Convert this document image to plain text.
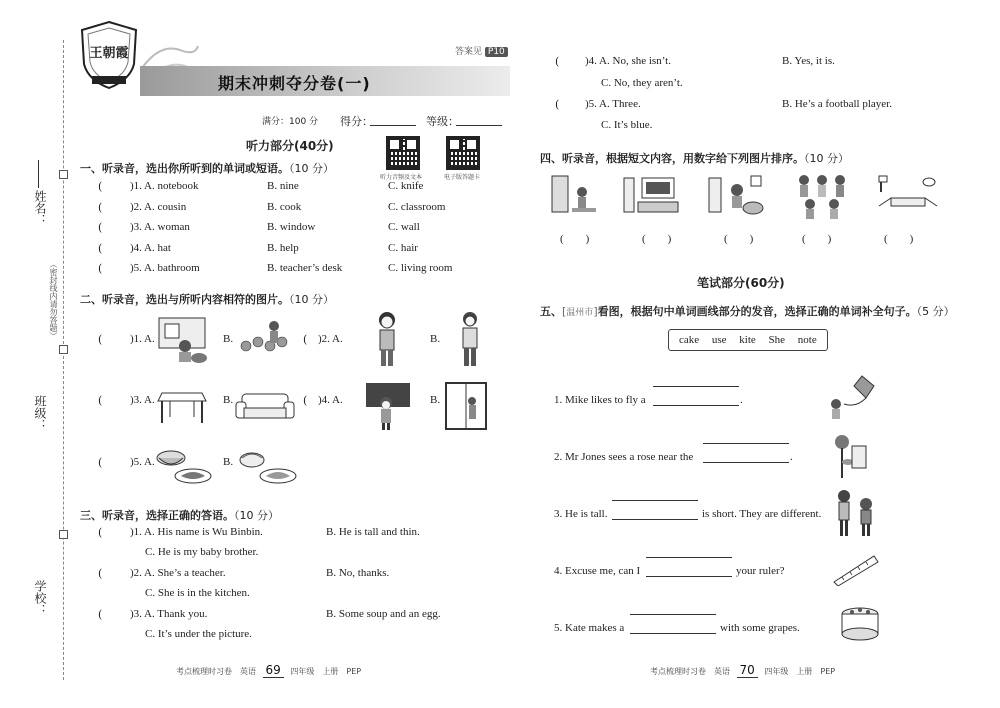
姓名：
（密封线内请勿答题）
班级：
学校：
王朝霞	答案见 P10
期末冲刺夺分卷(一)
满分：100 分 得分：	等级：
听力部分(40分)
听力音频及文本	电子版答题卡
一、听录音，选出你所听到的单词或短语。（10 分）
(	)1. A. notebook	B. nine	C. knife
(	)2. A. cousin	B. cook	C. classroom
(	)3. A. woman	B. window	C. wall
(	)4. A. hat	B. help	C. hair
(	)5. A. bathroom	B. teacher’s desk	C. living room
二、听录音，选出与所听内容相符的图片。（10 分）
(	)1. A.	B.	( )2. A.	B.
(	)3. A.	B.	( )4. A.	B.
(	)5. A.	B.
三、听录音，选择正确的答语。（10 分）
(	)1. A. His name is Wu Binbin.	B. He is tall and thin.
C. He is my baby brother.
(	)2. A. She’s a teacher.	B. No, thanks.
C. She is in the kitchen.
(	)3. A. Thank you.	B. Some soup and an egg.
C. It’s under the picture.
考点梳理时习卷　英语 69 四年级　上册　PEP
( )4. A. No, she isn’t.	B. Yes, it is.
C. No, they aren’t.
( )5. A. Three.	B. He’s a football player.
C. It’s blue.
四、听录音，根据短文内容，用数字给下列图片排序。（10 分）
(　　)	(　　)	(　　)	(　　)	(　　)
笔试部分(60分)
五、[温州市]看图，根据句中单词画线部分的发音，选择正确的单词补全句子。（5 分）
cake use kite She note
1. Mike likes to fly a	.
2. Mr Jones sees a rose near the	.
3. He is tall.	is short. They are different.
4. Excuse me, can I	your ruler?
5. Kate makes a	with some grapes.
考点梳理时习卷　英语 70 四年级　上册　PEP
